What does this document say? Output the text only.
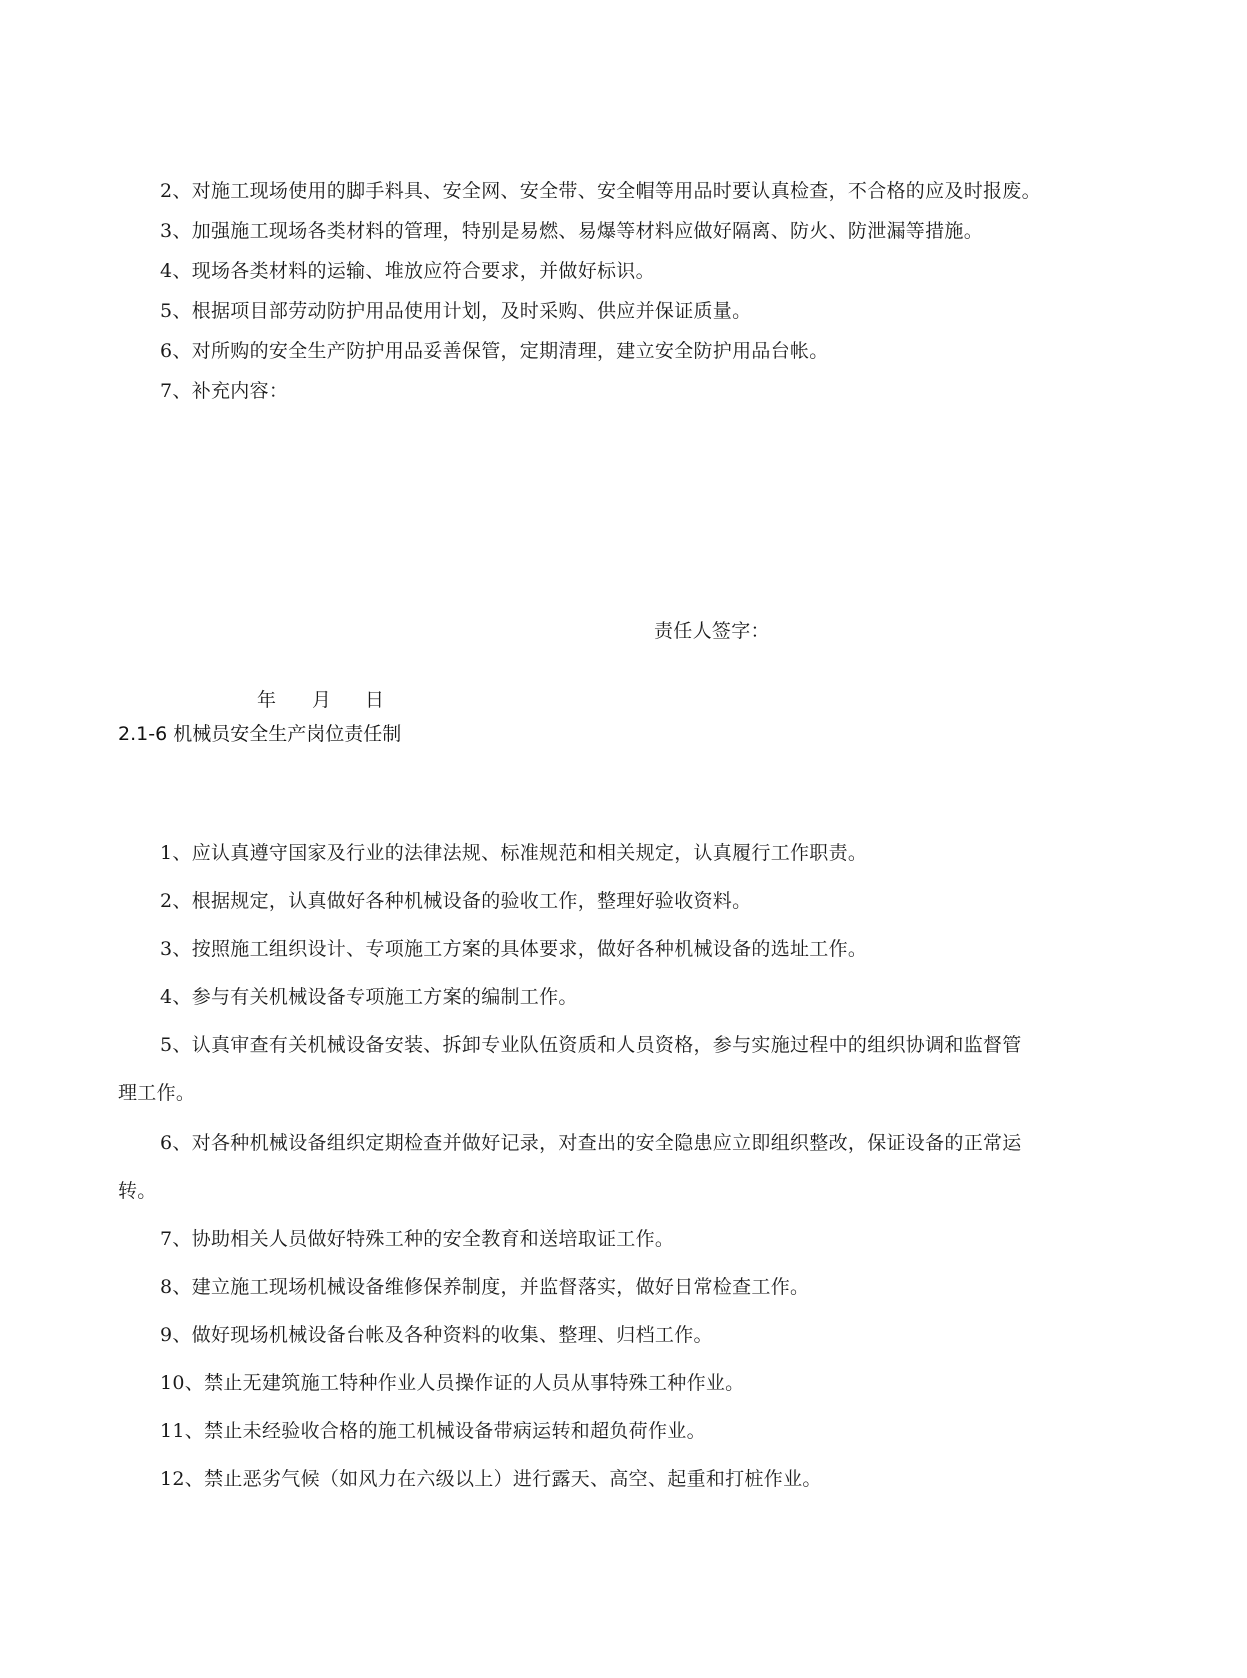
2、对施工现场使用的脚手料具、安全网、安全带、安全帽等用品时要认真检查，不合格的应及时报废。
3、加强施工现场各类材料的管理，特别是易燃、易爆等材料应做好隔离、防火、防泄漏等措施。
4、现场各类材料的运输、堆放应符合要求，并做好标识。
5、根据项目部劳动防护用品使用计划，及时采购、供应并保证质量。
6、对所购的安全生产防护用品妥善保管，定期清理，建立安全防护用品台帐。
7、补充内容：
责任人签字：
年 月 日
2.1-6 机械员安全生产岗位责任制
1、应认真遵守国家及行业的法律法规、标准规范和相关规定，认真履行工作职责。
2、根据规定，认真做好各种机械设备的验收工作，整理好验收资料。
3、按照施工组织设计、专项施工方案的具体要求，做好各种机械设备的选址工作。
4、参与有关机械设备专项施工方案的编制工作。
5、认真审查有关机械设备安装、拆卸专业队伍资质和人员资格，参与实施过程中的组织协调和监督管
理工作。
6、对各种机械设备组织定期检查并做好记录，对查出的安全隐患应立即组织整改，保证设备的正常运
转。
7、协助相关人员做好特殊工种的安全教育和送培取证工作。
8、建立施工现场机械设备维修保养制度，并监督落实，做好日常检查工作。
9、做好现场机械设备台帐及各种资料的收集、整理、归档工作。
10、禁止无建筑施工特种作业人员操作证的人员从事特殊工种作业。
11、禁止未经验收合格的施工机械设备带病运转和超负荷作业。
12、禁止恶劣气候（如风力在六级以上）进行露天、高空、起重和打桩作业。
